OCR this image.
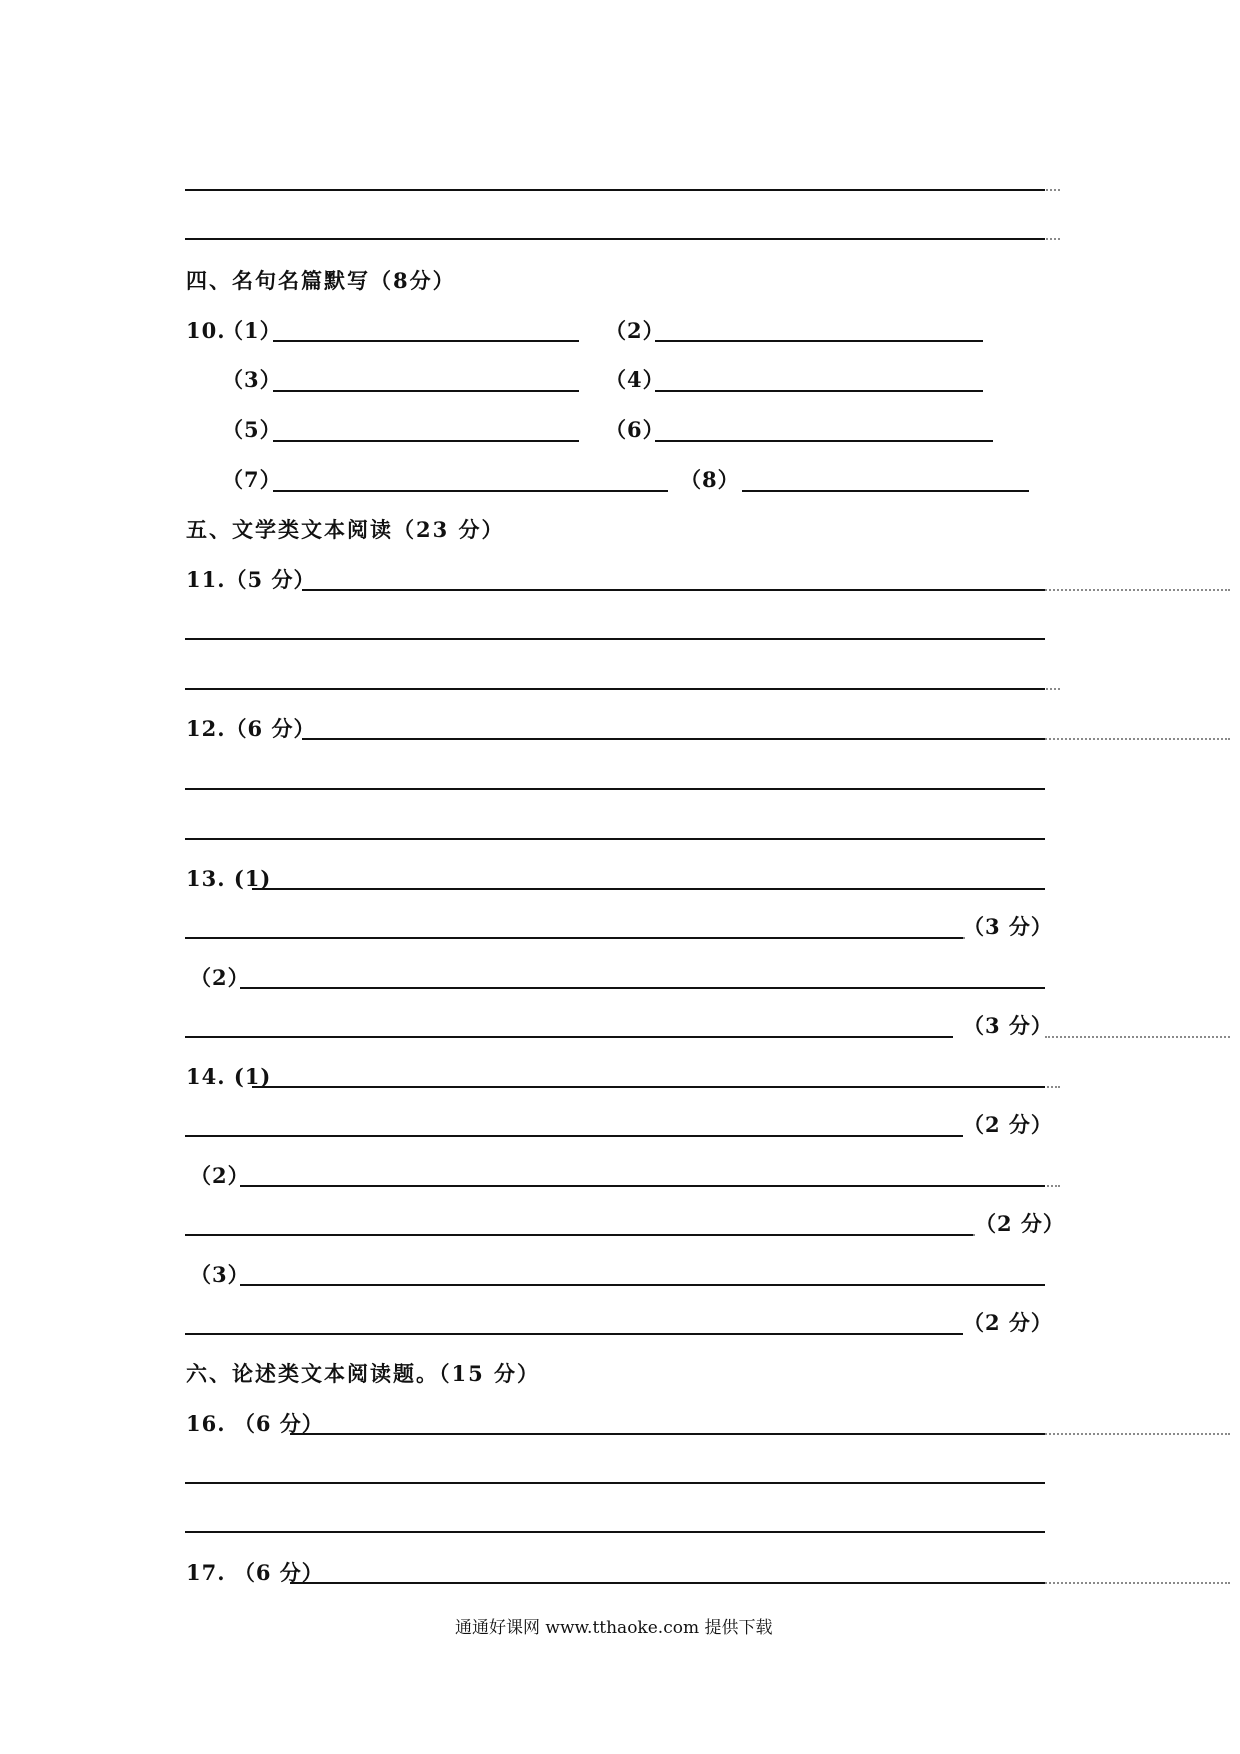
四、名句名篇默写（8分）
10.
（1）	（2）
（3）	（4）
（5）	（6）
（7）	（8）
五、文学类文本阅读（23 分）
11.（5 分）
12.（6 分）
13. (1)
（3 分）
（2）
（3 分）
14. (1)
（2 分）
（2）
（2 分）
（3）
（2 分）
六、论述类文本阅读题。（15 分）
16. （6 分）
17. （6 分）
通通好课网 www.tthaoke.com 提供下载
